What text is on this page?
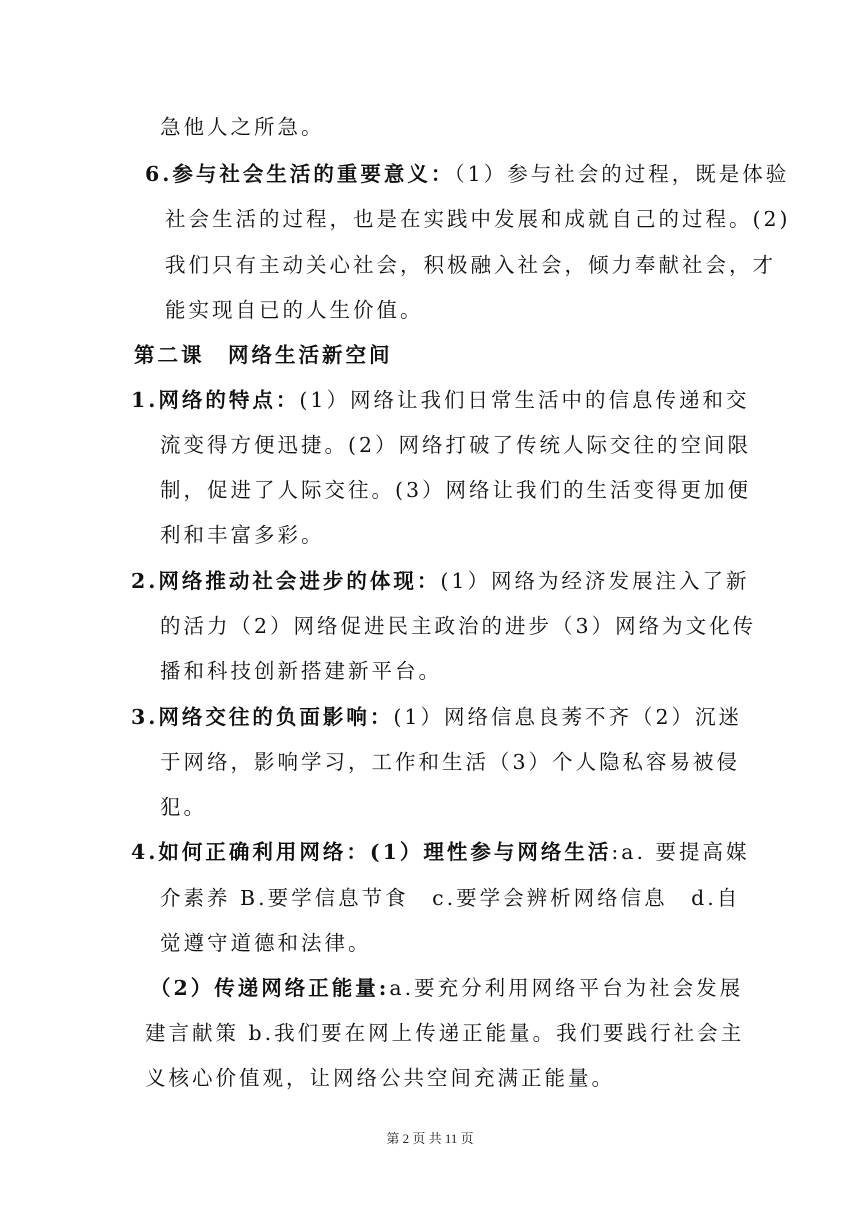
急他人之所急。
6.参与社会生活的重要意义：（1）参与社会的过程，既是体验
社会生活的过程，也是在实践中发展和成就自己的过程。(2)
我们只有主动关心社会，积极融入社会，倾力奉献社会，才
能实现自已的人生价值。
第二课　网络生活新空间
1.网络的特点：(1）网络让我们日常生活中的信息传递和交
流变得方便迅捷。(2）网络打破了传统人际交往的空间限
制，促进了人际交往。(3）网络让我们的生活变得更加便
利和丰富多彩。
2.网络推动社会进步的体现：(1）网络为经济发展注入了新
的活力（2）网络促进民主政治的进步（3）网络为文化传
播和科技创新搭建新平台。
3.网络交往的负面影响：(1）网络信息良莠不齐（2）沉迷
于网络，影响学习，工作和生活（3）个人隐私容易被侵
犯。
4.如何正确利用网络：(1）理性参与网络生活:a. 要提高媒
介素养 B.要学信息节食　c.要学会辨析网络信息　d.自
觉遵守道德和法律。
（2）传递网络正能量:a.要充分利用网络平台为社会发展
建言献策 b.我们要在网上传递正能量。我们要践行社会主
义核心价值观，让网络公共空间充满正能量。
第 2 页 共 11 页
